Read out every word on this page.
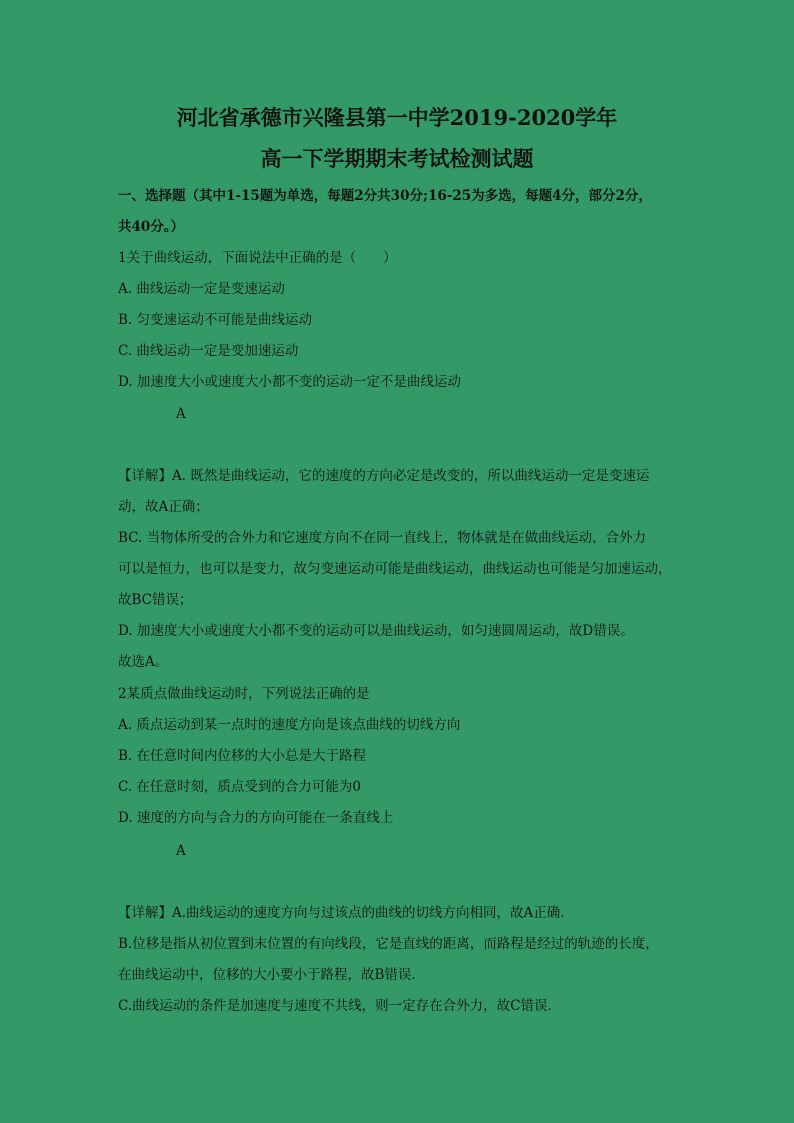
河北省承德市兴隆县第一中学2019-2020学年
高一下学期期末考试检测试题
一、选择题（其中1-15题为单选，每题2分共30分;16-25为多选，每题4分，部分2分，
共40分。）
1关于曲线运动，下面说法中正确的是（　　）
A. 曲线运动一定是变速运动
B. 匀变速运动不可能是曲线运动
C. 曲线运动一定是变加速运动
D. 加速度大小或速度大小都不变的运动一定不是曲线运动
A
【详解】A. 既然是曲线运动，它的速度的方向必定是改变的，所以曲线运动一定是变速运
动，故A正确；
BC. 当物体所受的合外力和它速度方向不在同一直线上，物体就是在做曲线运动，合外力
可以是恒力，也可以是变力，故匀变速运动可能是曲线运动，曲线运动也可能是匀加速运动，
故BC错误；
D. 加速度大小或速度大小都不变的运动可以是曲线运动，如匀速圆周运动，故D错误。
故选A。
2某质点做曲线运动时，下列说法正确的是
A. 质点运动到某一点时的速度方向是该点曲线的切线方向
B. 在任意时间内位移的大小总是大于路程
C. 在任意时刻，质点受到的合力可能为0
D. 速度的方向与合力的方向可能在一条直线上
A
【详解】A.曲线运动的速度方向与过该点的曲线的切线方向相同，故A正确．
B.位移是指从初位置到末位置的有向线段，它是直线的距离，而路程是经过的轨迹的长度，
在曲线运动中，位移的大小要小于路程，故B错误．
C.曲线运动的条件是加速度与速度不共线，则一定存在合外力，故C错误．
